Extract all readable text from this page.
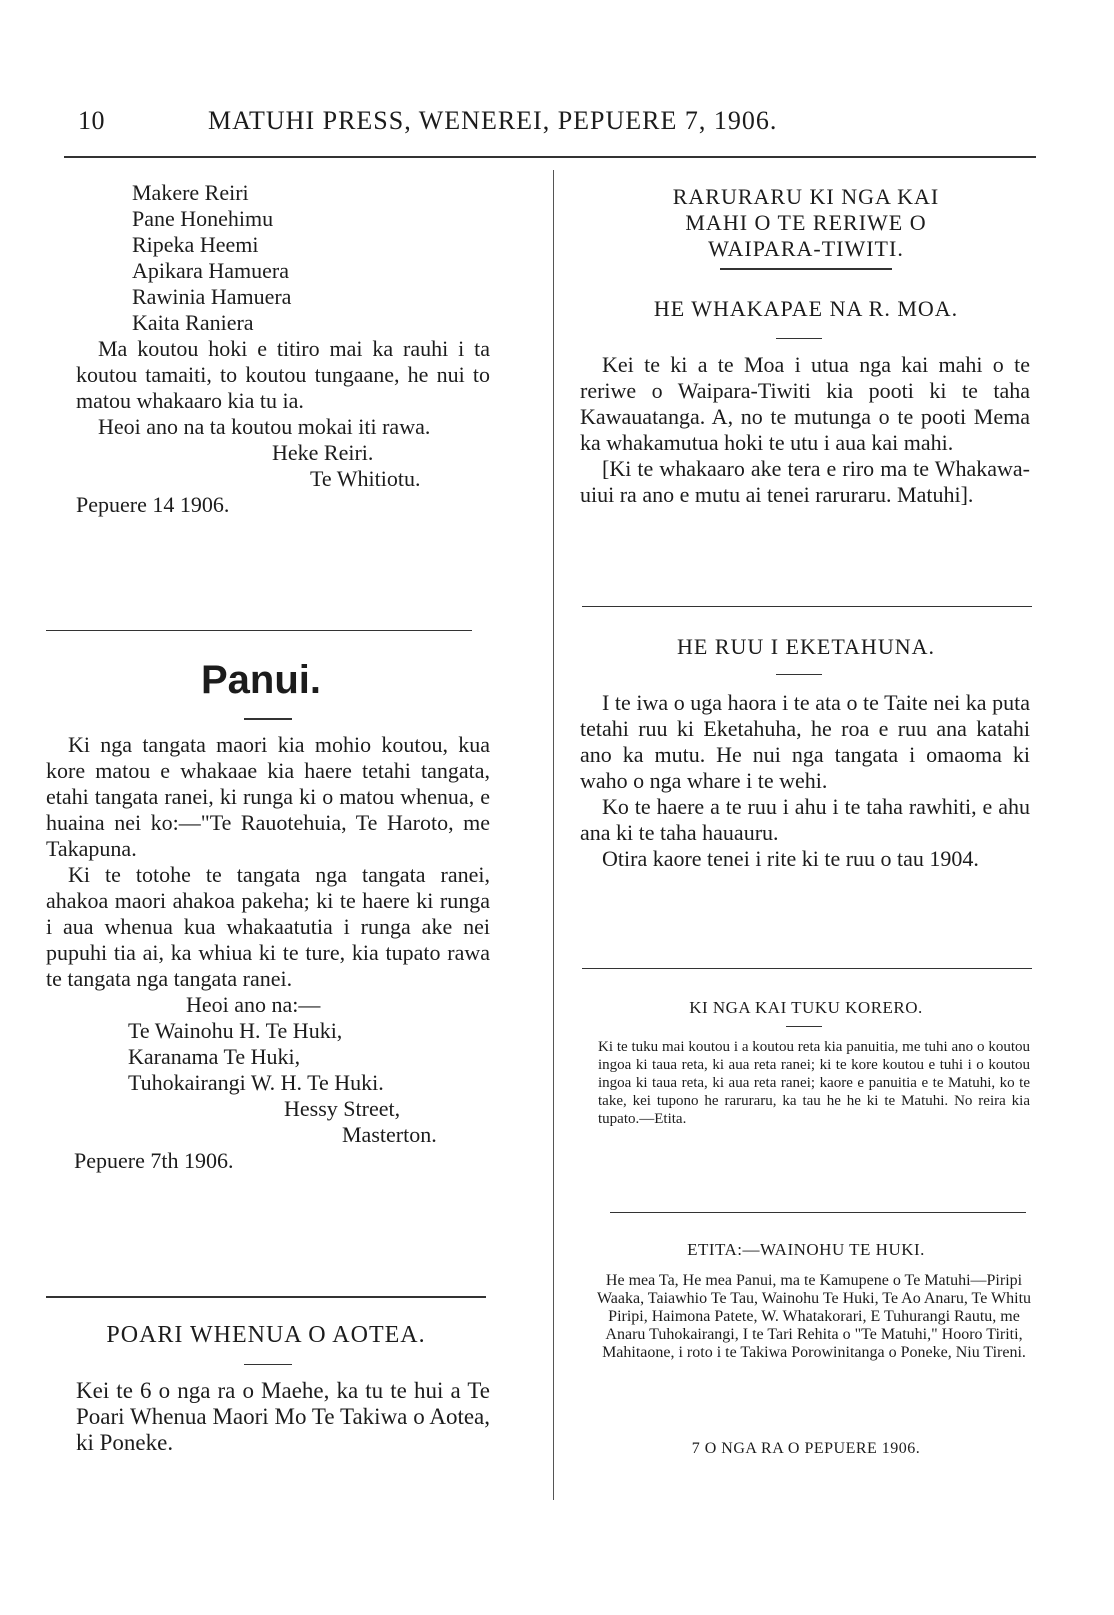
10	MATUHI PRESS, WENEREI, PEPUERE 7, 1906.

Makere Reiri

Pane Honehimu

Ripeka Heemi

Apikara Hamuera

Rawinia Hamuera

Kaita Raniera

Ma koutou hoki e titiro mai ka rauhi i ta koutou tamaiti, to koutou tungaane, he nui to matou whakaaro kia tu ia.

Heoi ano na ta koutou mokai iti rawa.

Heke Reiri.

Te Whitiotu.

Pepuere 14 1906.

Panui.

Ki nga tangata maori kia mohio koutou, kua kore matou e whakaae kia haere tetahi tangata, etahi tangata ranei, ki runga ki o matou whenua, e huaina nei ko:—"Te Rauotehuia, Te Haroto, me Takapuna.

Ki te totohe te tangata nga tangata ranei, ahakoa maori ahakoa pakeha; ki te haere ki runga i aua whenua kua whakaatutia i runga ake nei pupuhi tia ai, ka whiua ki te ture, kia tupato rawa te tangata nga tangata ranei.

Heoi ano na:—

Te Wainohu H. Te Huki,

Karanama Te Huki,

Tuhokairangi W. H. Te Huki.

Hessy Street,

Masterton.

Pepuere 7th 1906.

POARI WHENUA O AOTEA.

Kei te 6 o nga ra o Maehe, ka tu te hui a Te Poari Whenua Maori Mo Te Takiwa o Aotea, ki Poneke.

RARURARU KI NGA KAI
MAHI O TE RERIWE O
WAIPARA-TIWITI.
HE WHAKAPAE NA R. MOA.

Kei te ki a te Moa i utua nga kai mahi o te reriwe o Waipara-Tiwiti kia pooti ki te taha Kawauatanga. A, no te mutunga o te pooti Mema ka whakamutua hoki te utu i aua kai mahi.

[Ki te whakaaro ake tera e riro ma te Whakawa-uiui ra ano e mutu ai tenei raruraru. Matuhi].

HE RUU I EKETAHUNA.

I te iwa o uga haora i te ata o te Taite nei ka puta tetahi ruu ki Eketahuha, he roa e ruu ana katahi ano ka mutu. He nui nga tangata i omaoma ki waho o nga whare i te wehi.

Ko te haere a te ruu i ahu i te taha rawhiti, e ahu ana ki te taha hauauru.

Otira kaore tenei i rite ki te ruu o tau 1904.

KI NGA KAI TUKU KORERO.

Ki te tuku mai koutou i a koutou reta kia panuitia, me tuhi ano o koutou ingoa ki taua reta, ki aua reta ranei; ki te kore koutou e tuhi i o koutou ingoa ki taua reta, ki aua reta ranei; kaore e panuitia e te Matuhi, ko te take, kei tupono he raruraru, ka tau he he ki te Matuhi. No reira kia tupato.—Etita.

ETITA:—WAINOHU TE HUKI.

He mea Ta, He mea Panui, ma te Kamupene o Te Matuhi—Piripi Waaka, Taiawhio Te Tau, Wainohu Te Huki, Te Ao Anaru, Te Whitu Piripi, Haimona Patete, W. Whatakorari, E Tuhurangi Rautu, me Anaru Tuhokairangi, I te Tari Rehita o "Te Matuhi," Hooro Tiriti, Mahitaone, i roto i te Takiwa Porowinitanga o Poneke, Niu Tireni.

7 O NGA RA O PEPUERE 1906.
